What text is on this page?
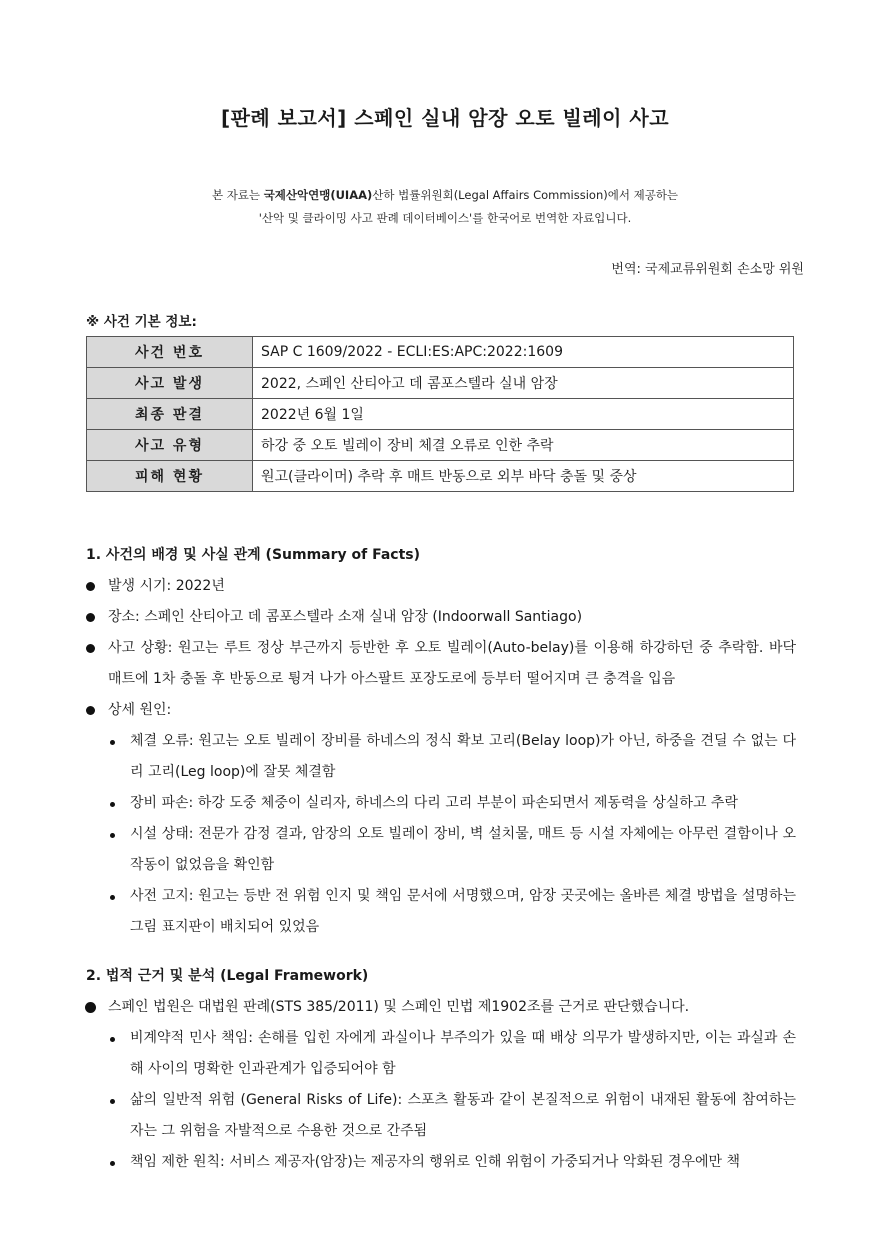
[판례 보고서] 스페인 실내 암장 오토 빌레이 사고
본 자료는 국제산악연맹(UIAA)산하 법률위원회(Legal Affairs Commission)에서 제공하는
'산악 및 클라이밍 사고 판례 데이터베이스'를 한국어로 번역한 자료입니다.
번역: 국제교류위원회 손소망 위원
※ 사건 기본 정보:
사건 번호	SAP C 1609/2022 - ECLI:ES:APC:2022:1609
사고 발생	2022, 스페인 산티아고 데 콤포스텔라 실내 암장
최종 판결	2022년 6월 1일
사고 유형	하강 중 오토 빌레이 장비 체결 오류로 인한 추락
피해 현황	원고(클라이머) 추락 후 매트 반동으로 외부 바닥 충돌 및 중상
1. 사건의 배경 및 사실 관계 (Summary of Facts)
발생 시기: 2022년
장소: 스페인 산티아고 데 콤포스텔라 소재 실내 암장 (Indoorwall Santiago)
사고 상황: 원고는 루트 정상 부근까지 등반한 후 오토 빌레이(Auto-belay)를 이용해 하강하던 중 추락함. 바닥 매트에 1차 충돌 후 반동으로 튕겨 나가 아스팔트 포장도로에 등부터 떨어지며 큰 충격을 입음
상세 원인:
체결 오류: 원고는 오토 빌레이 장비를 하네스의 정식 확보 고리(Belay loop)가 아닌, 하중을 견딜 수 없는 다리 고리(Leg loop)에 잘못 체결함
장비 파손: 하강 도중 체중이 실리자, 하네스의 다리 고리 부분이 파손되면서 제동력을 상실하고 추락
시설 상태: 전문가 감정 결과, 암장의 오토 빌레이 장비, 벽 설치물, 매트 등 시설 자체에는 아무런 결함이나 오작동이 없었음을 확인함
사전 고지: 원고는 등반 전 위험 인지 및 책임 문서에 서명했으며, 암장 곳곳에는 올바른 체결 방법을 설명하는 그림 표지판이 배치되어 있었음
2. 법적 근거 및 분석 (Legal Framework)
스페인 법원은 대법원 판례(STS 385/2011) 및 스페인 민법 제1902조를 근거로 판단했습니다.
비계약적 민사 책임: 손해를 입힌 자에게 과실이나 부주의가 있을 때 배상 의무가 발생하지만, 이는 과실과 손해 사이의 명확한 인과관계가 입증되어야 함
삶의 일반적 위험 (General Risks of Life): 스포츠 활동과 같이 본질적으로 위험이 내재된 활동에 참여하는 자는 그 위험을 자발적으로 수용한 것으로 간주됨
책임 제한 원칙: 서비스 제공자(암장)는 제공자의 행위로 인해 위험이 가중되거나 악화된 경우에만 책
